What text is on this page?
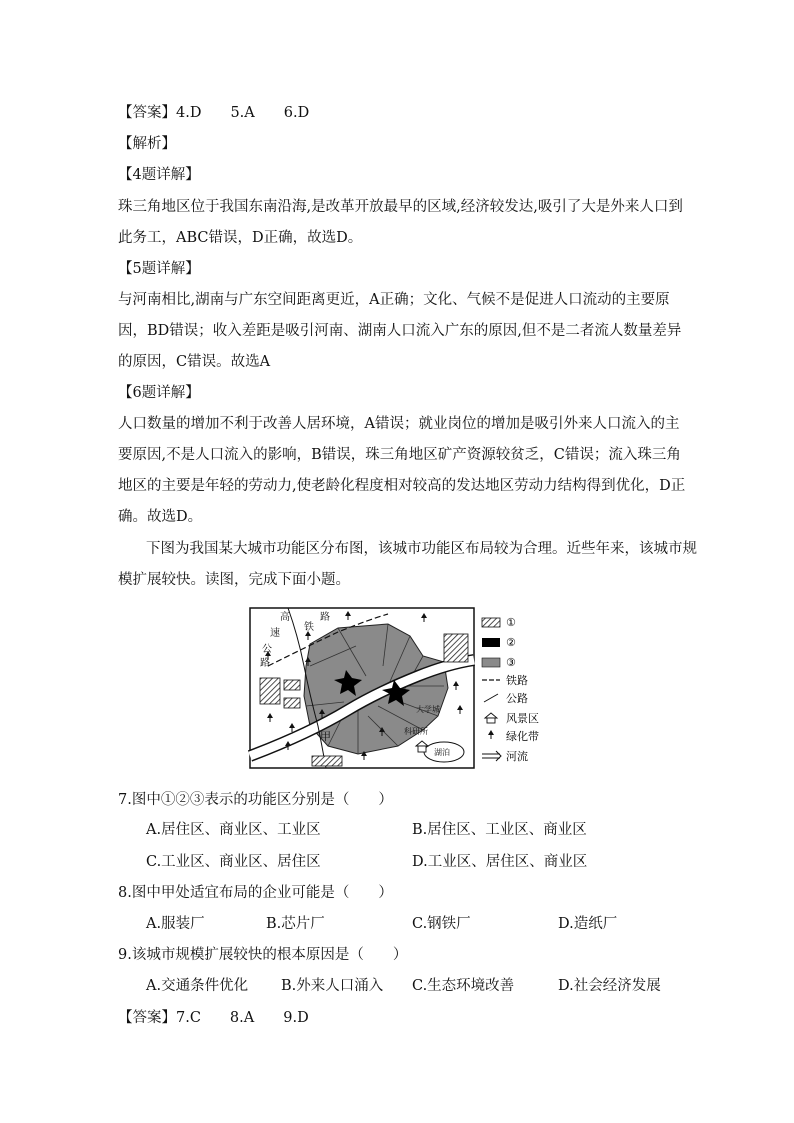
【答案】4.D　　5.A　　6.D
【解析】
【4题详解】
珠三角地区位于我国东南沿海,是改革开放最早的区域,经济较发达,吸引了大是外来人口到
此务工，ABC错误，D正确，故选D。
【5题详解】
与河南相比,湖南与广东空间距离更近，A正确；文化、气候不是促进人口流动的主要原
因，BD错误；收入差距是吸引河南、湖南人口流入广东的原因,但不是二者流人数量差异
的原因，C错误。故选A
【6题详解】
人口数量的增加不利于改善人居环境，A错误；就业岗位的增加是吸引外来人口流入的主
要原因,不是人口流入的影响，B错误，珠三角地区矿产资源较贫乏，C错误；流入珠三角
地区的主要是年轻的劳动力,使老龄化程度相对较高的发达地区劳动力结构得到优化，D正
确。故选D。
下图为我国某大城市功能区分布图，该城市功能区布局较为合理。近些年来，该城市规
模扩展较快。读图，完成下面小题。
高
速
公
路
铁
路
甲
大学城
科研所
湖泊
①
②
③
铁路
公路
风景区
绿化带
河流
7.图中①②③表示的功能区分别是（　　）
A.居住区、商业区、工业区	B.居住区、工业区、商业区
C.工业区、商业区、居住区	D.工业区、居住区、商业区
8.图中甲处适宜布局的企业可能是（　　）
A.服装厂	B.芯片厂	C.钢铁厂	D.造纸厂
9.该城市规模扩展较快的根本原因是（　　）
A.交通条件优化 B.外来人口涌入 C.生态环境改善	D.社会经济发展
【答案】7.C　　8.A　　9.D
